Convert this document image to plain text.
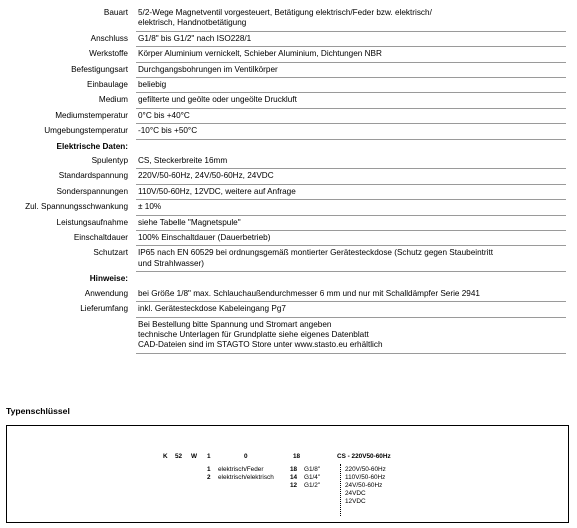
Bauart	5/2-Wege Magnetventil vorgesteuert, Betätigung elektrisch/Feder bzw. elektrisch/
elektrisch, Handnotbetätigung
Anschluss	G1/8" bis G1/2" nach ISO228/1
Werkstoffe	Körper Aluminium vernickelt, Schieber Aluminium, Dichtungen NBR
Befestigungsart	Durchgangsbohrungen im Ventilkörper
Einbaulage	beliebig
Medium	gefilterte und geölte oder ungeölte Druckluft
Mediumstemperatur	0°C bis +40°C
Umgebungstemperatur	-10°C bis +50°C
Elektrische Daten:
Spulentyp	CS, Steckerbreite 16mm
Standardspannung	220V/50-60Hz, 24V/50-60Hz, 24VDC
Sonderspannungen	110V/50-60Hz, 12VDC, weitere auf Anfrage
Zul. Spannungsschwankung	± 10%
Leistungsaufnahme	siehe Tabelle "Magnetspule"
Einschaltdauer	100% Einschaltdauer (Dauerbetrieb)
Schutzart	IP65 nach EN 60529 bei ordnungsgemäß montierter Gerätesteckdose (Schutz gegen Staubeintritt
und Strahlwasser)
Hinweise:
Anwendung	bei Größe 1/8" max. Schlauchaußendurchmesser 6 mm und nur mit Schalldämpfer Serie 2941
Lieferumfang	inkl. Gerätesteckdose Kabeleingang Pg7
Bei Bestellung bitte Spannung und Stromart angeben
technische Unterlagen für Grundplatte siehe eigenes Datenblatt
CAD-Dateien sind im STAGTO Store unter www.stasto.eu erhältlich
Typenschlüssel
K 52 W 1	0	18	CS - 220V50-60Hz
1 elektrisch/Feder
2 elektrisch/elektrisch
18 G1/8"
14 G1/4"
12 G1/2"
220V/50-60Hz
110V/50-60Hz
24V/50-60Hz
24VDC
12VDC
